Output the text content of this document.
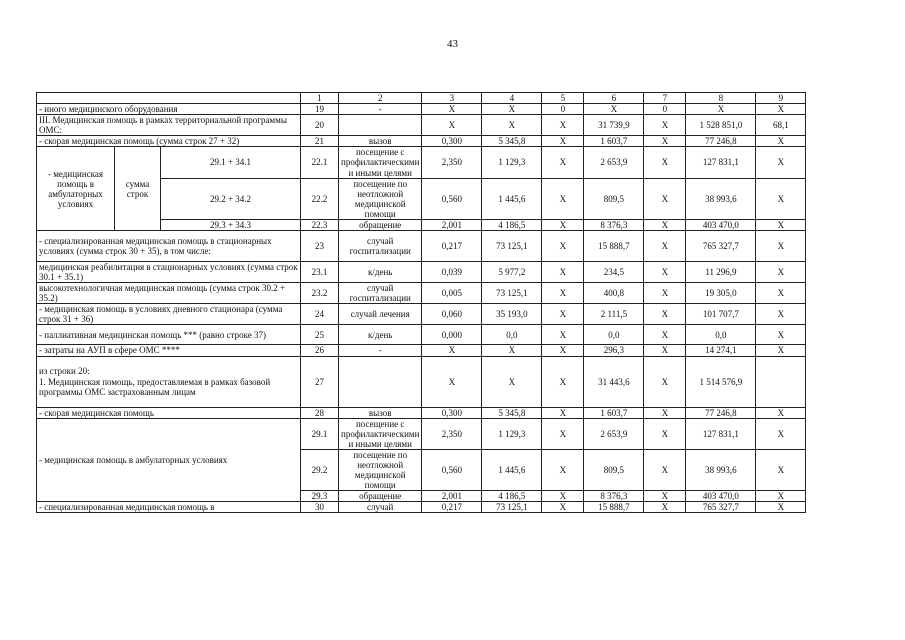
43
			1	2	3	4	5	6	7	8	9
- иного медицинского оборудования			19	-	X	X	0	X	0	X	X
III. Медицинская помощь в рамках территориальной программы ОМС:			20		X	X	X	31 739,9	X	1 528 851,0	68,1
- скорая медицинская помощь (сумма строк 27 + 32)			21	вызов	0,300	5 345,8	X	1 603,7	X	77 246,8	X
- медицинская помощь в амбулаторных условиях	сумма строк	29.1 + 34.1	22.1	посещение с профилактическими и иными целями	2,350	1 129,3	X	2 653,9	X	127 831,1	X
		29.2 + 34.2	22.2	посещение по неотложной медицинской помощи	0,560	1 445,6	X	809,5	X	38 993,6	X
		29.3 + 34.3	22.3	обращение	2,001	4 186,5	X	8 376,3	X	403 470,0	X
- специализированная медицинская помощь в стационарных условиях (сумма строк 30 + 35), в том числе:			23	случай госпитализации	0,217	73 125,1	X	15 888,7	X	765 327,7	X
медицинская реабилитация в стационарных условиях (сумма строк 30.1 + 35.1)			23.1	к/день	0,039	5 977,2	X	234,5	X	11 296,9	X
высокотехнологичная медицинская помощь (сумма строк 30.2 + 35.2)			23.2	случай госпитализации	0,005	73 125,1	X	400,8	X	19 305,0	X
- медицинская помощь в условиях дневного стационара (сумма строк 31 + 36)			24	случай лечения	0,060	35 193,0	X	2 111,5	X	101 707,7	X
- паллиативная медицинская помощь *** (равно строке 37)			25	к/день	0,000	0,0	X	0,0	X	0,0	X
- затраты на АУП в сфере ОМС ****			26	-	X	X	X	296,3	X	14 274,1	X
из строки 20:
1. Медицинская помощь, предоставляемая в рамках базовой программы ОМС застрахованным лицам			27		X	X	X	31 443,6	X	1 514 576,9	
- скорая медицинская помощь			28	вызов	0,300	5 345,8	X	1 603,7	X	77 246,8	X
- медицинская помощь в амбулаторных условиях			29.1	посещение с профилактическими и иными целями	2,350	1 129,3	X	2 653,9	X	127 831,1	X
			29.2	посещение по неотложной медицинской помощи	0,560	1 445,6	X	809,5	X	38 993,6	X
			29.3	обращение	2,001	4 186,5	X	8 376,3	X	403 470,0	X
- специализированная медицинская помощь в			30	случай	0,217	73 125,1	X	15 888,7	X	765 327,7	X
